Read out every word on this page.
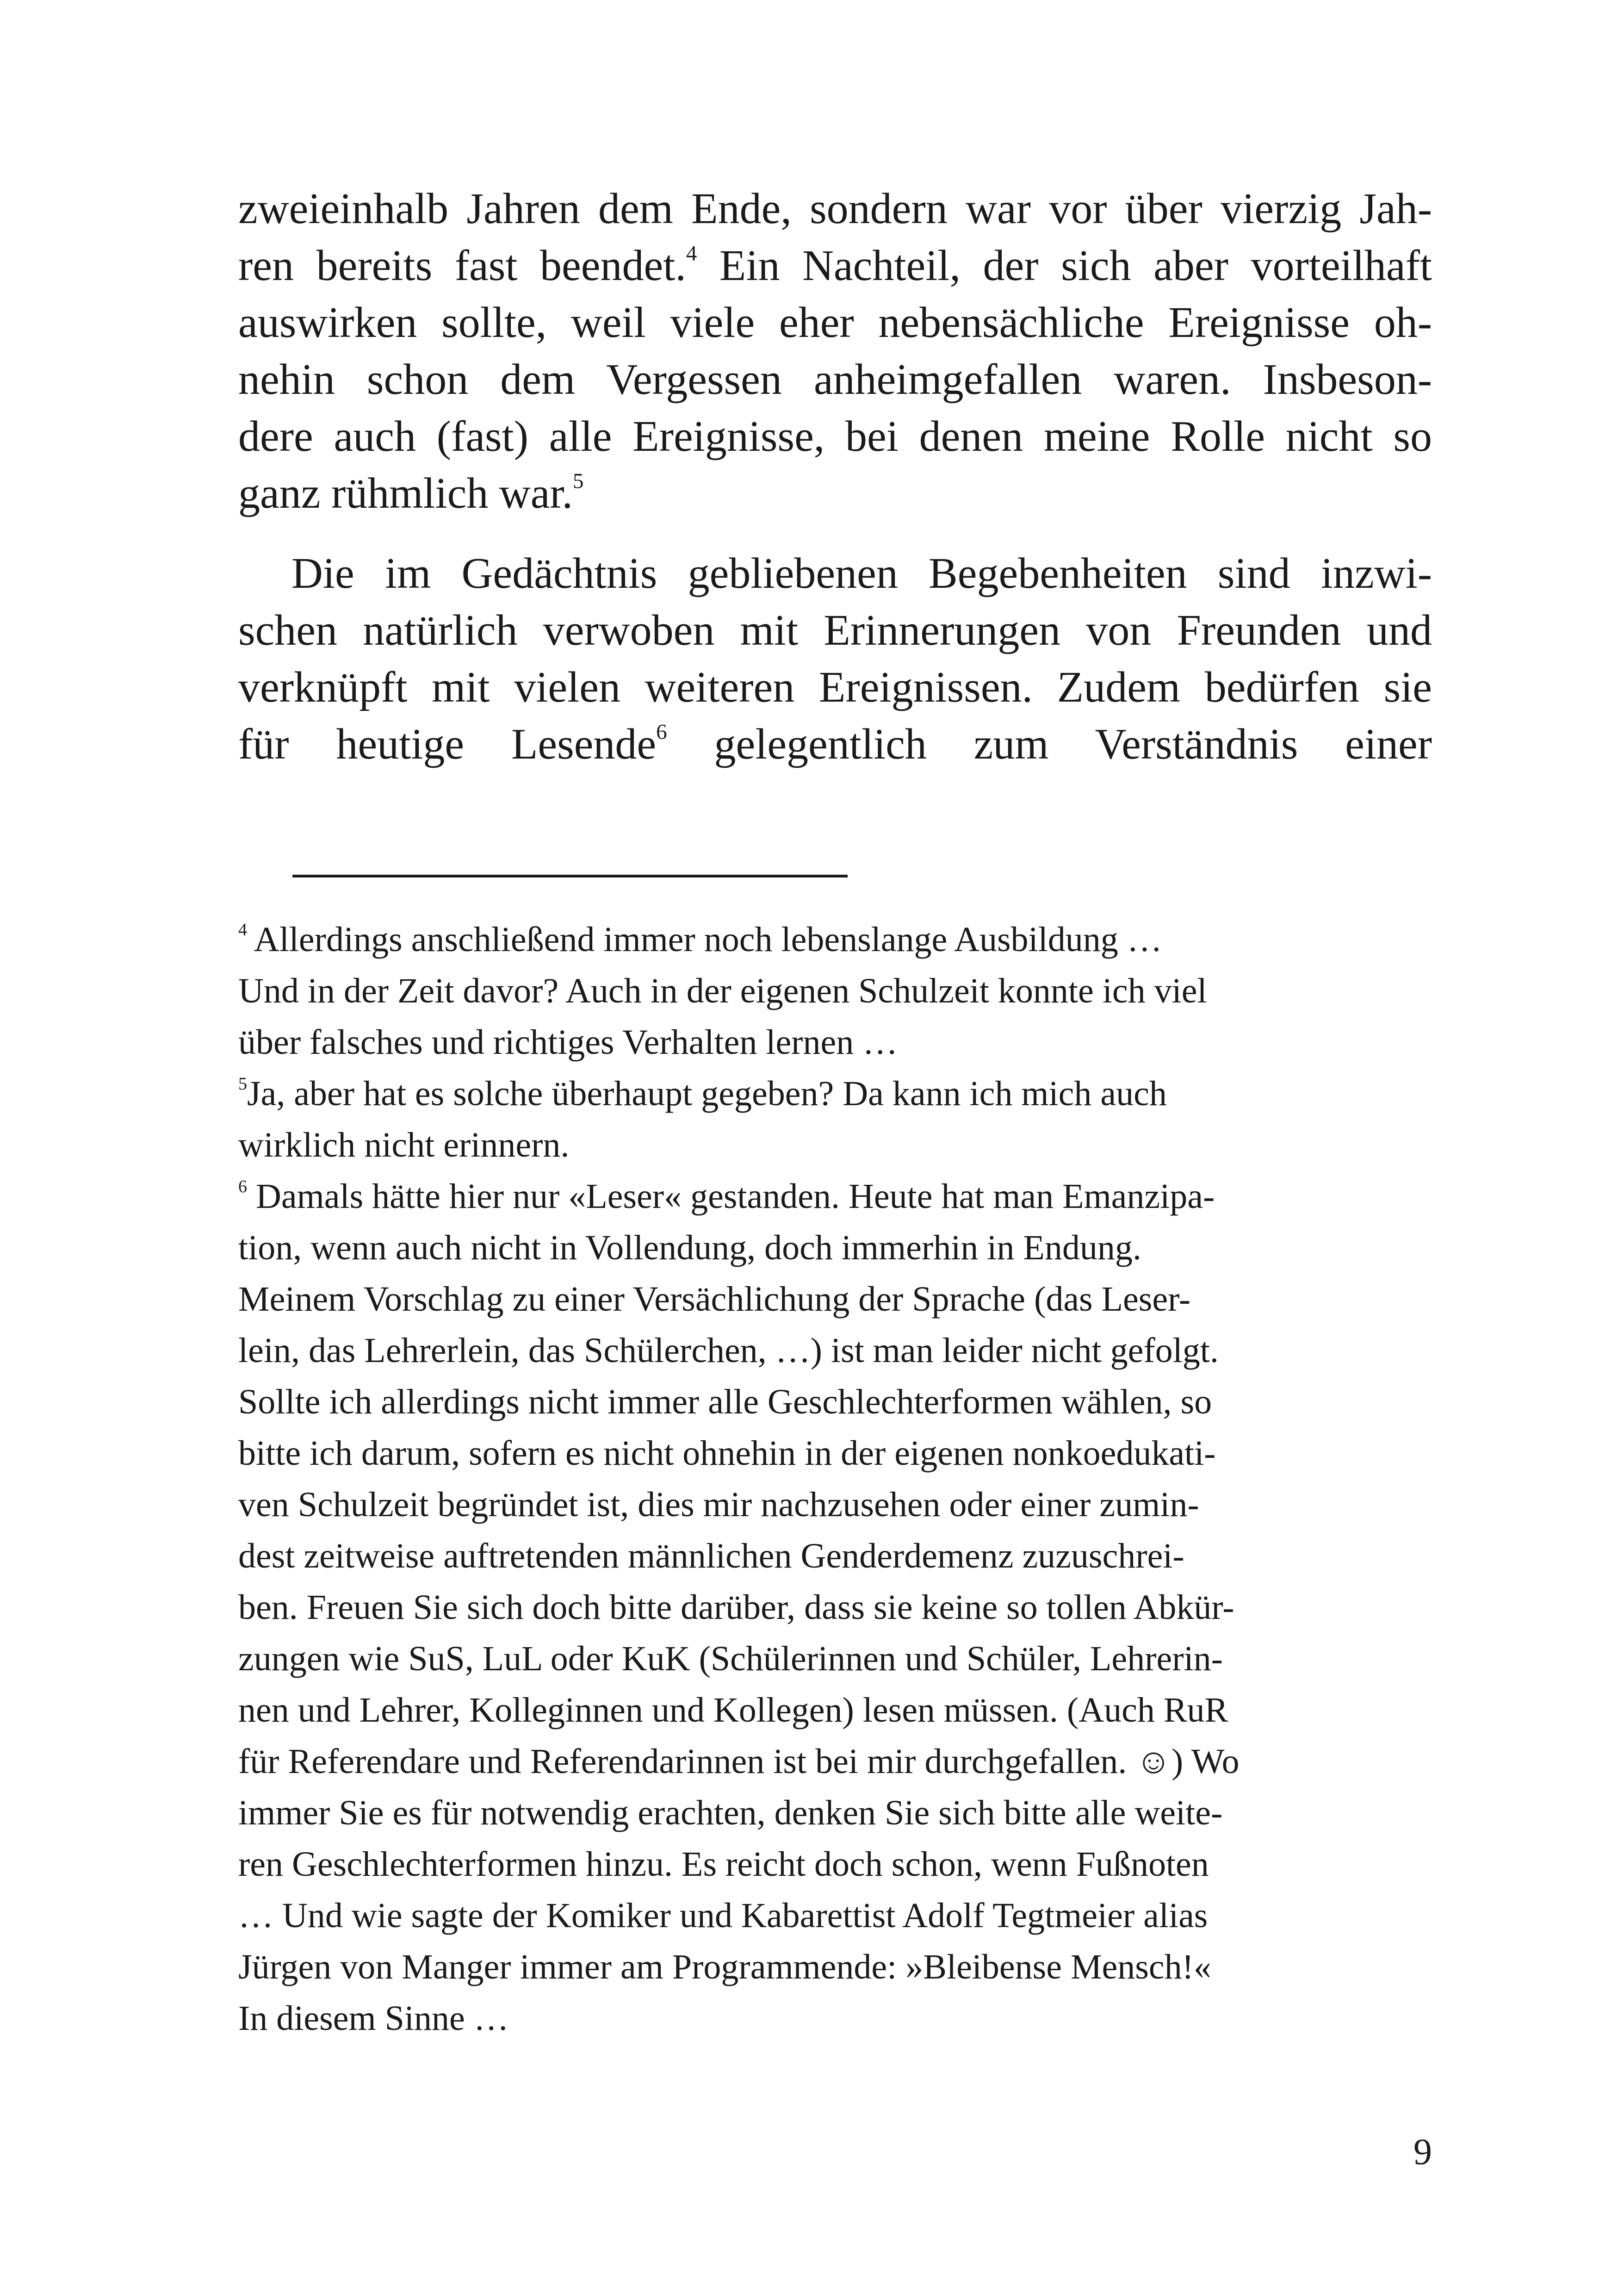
zweieinhalb Jahren dem Ende, sondern war vor über vierzig Jah-
ren bereits fast beendet.$^4$ Ein Nachteil, der sich aber vorteilhaft
auswirken sollte, weil viele eher nebensächliche Ereignisse oh-
nehin schon dem Vergessen anheimgefallen waren. Insbeson-
dere auch (fast) alle Ereignisse, bei denen meine Rolle nicht so
ganz rühmlich war.$^5$
Die im Gedächtnis gebliebenen Begebenheiten sind inzwi-
schen natürlich verwoben mit Erinnerungen von Freunden und
verknüpft mit vielen weiteren Ereignissen. Zudem bedürfen sie
für heutige Lesende$^6$ gelegentlich zum Verständnis einer
$^4$ Allerdings anschließend immer noch lebenslange Ausbildung …
Und in der Zeit davor? Auch in der eigenen Schulzeit konnte ich viel
über falsches und richtiges Verhalten lernen …
$^5$Ja, aber hat es solche überhaupt gegeben? Da kann ich mich auch
wirklich nicht erinnern.
$^6$ Damals hätte hier nur «Leser« gestanden. Heute hat man Emanzipa-
tion, wenn auch nicht in Vollendung, doch immerhin in Endung.
Meinem Vorschlag zu einer Versächlichung der Sprache (das Leser-
lein, das Lehrerlein, das Schülerchen, …) ist man leider nicht gefolgt.
Sollte ich allerdings nicht immer alle Geschlechterformen wählen, so
bitte ich darum, sofern es nicht ohnehin in der eigenen nonkoedukati-
ven Schulzeit begründet ist, dies mir nachzusehen oder einer zumin-
dest zeitweise auftretenden männlichen Genderdemenz zuzuschrei-
ben. Freuen Sie sich doch bitte darüber, dass sie keine so tollen Abkür-
zungen wie SuS, LuL oder KuK (Schülerinnen und Schüler, Lehrerin-
nen und Lehrer, Kolleginnen und Kollegen) lesen müssen. (Auch RuR
für Referendare und Referendarinnen ist bei mir durchgefallen. ☺) Wo
immer Sie es für notwendig erachten, denken Sie sich bitte alle weite-
ren Geschlechterformen hinzu. Es reicht doch schon, wenn Fußnoten
… Und wie sagte der Komiker und Kabarettist Adolf Tegtmeier alias
Jürgen von Manger immer am Programmende: »Bleibense Mensch!«
In diesem Sinne …
9
